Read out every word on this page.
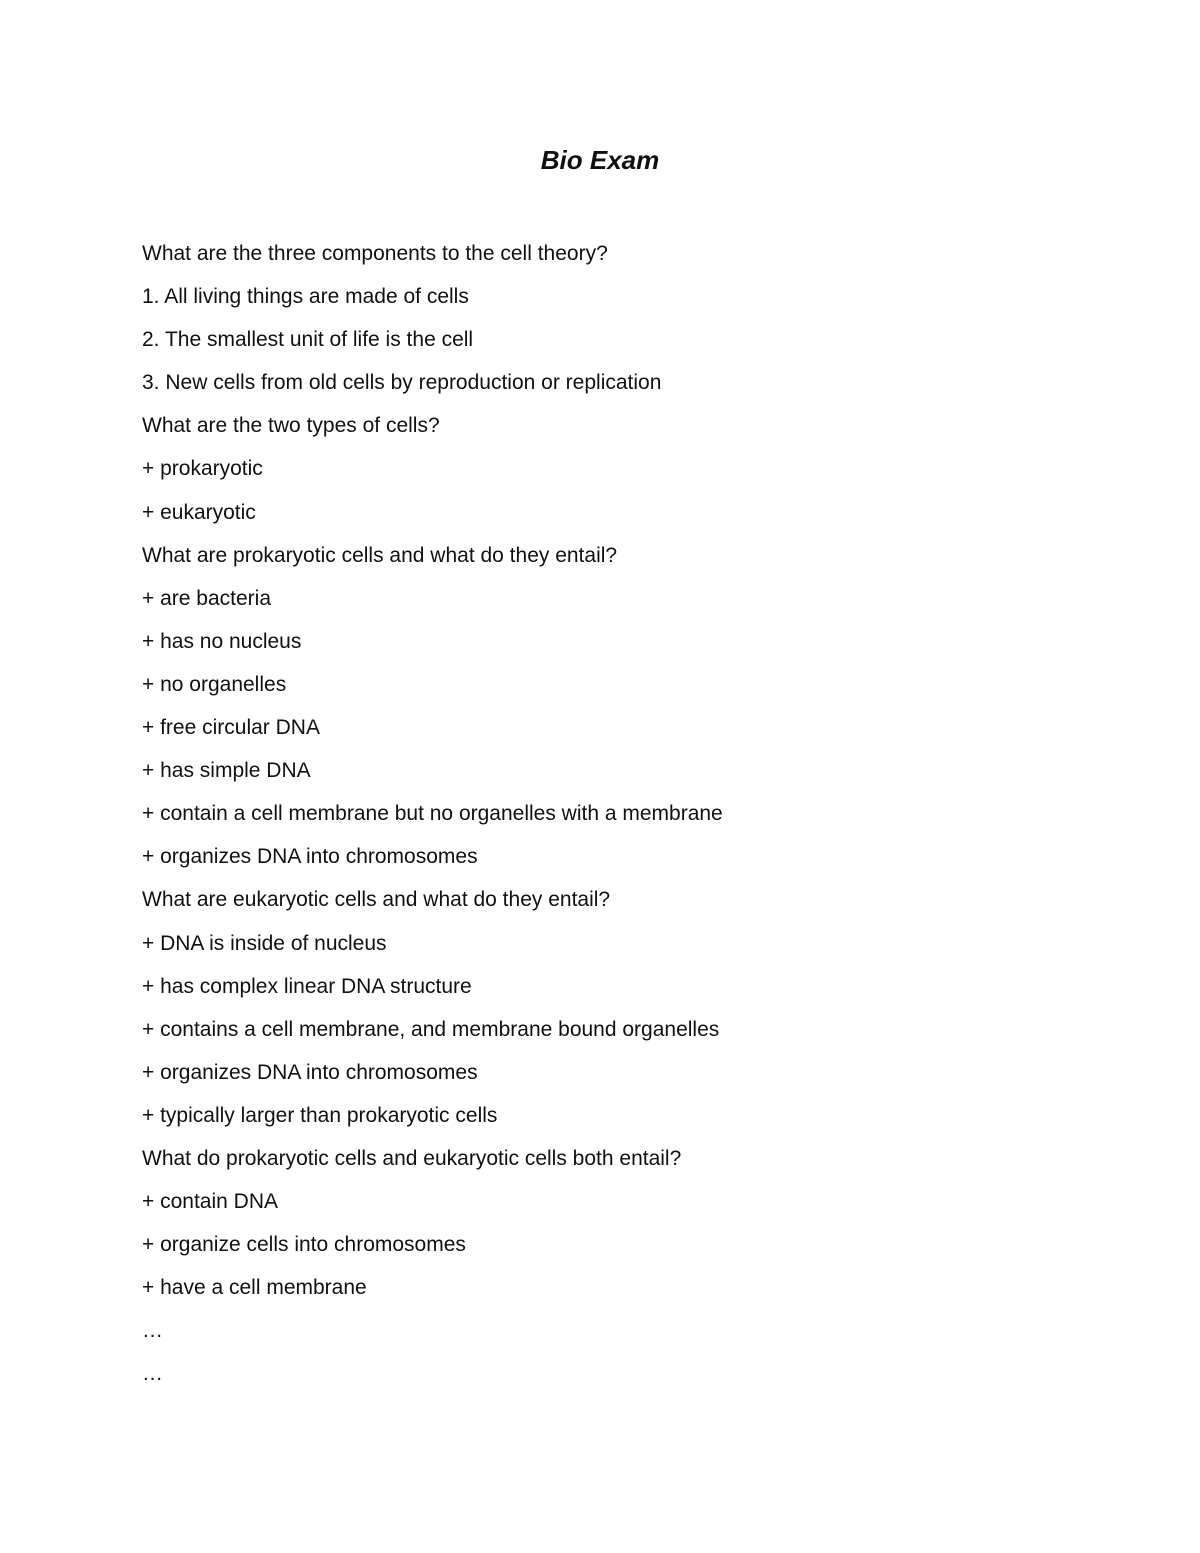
Bio Exam
What are the three components to the cell theory?
1. All living things are made of cells
2. The smallest unit of life is the cell
3. New cells from old cells by reproduction or replication
What are the two types of cells?
+ prokaryotic
+ eukaryotic
What are prokaryotic cells and what do they entail?
+ are bacteria
+ has no nucleus
+ no organelles
+ free circular DNA
+ has simple DNA
+ contain a cell membrane but no organelles with a membrane
+ organizes DNA into chromosomes
What are eukaryotic cells and what do they entail?
+ DNA is inside of nucleus
+ has complex linear DNA structure
+ contains a cell membrane, and membrane bound organelles
+ organizes DNA into chromosomes
+ typically larger than prokaryotic cells
What do prokaryotic cells and eukaryotic cells both entail?
+ contain DNA
+ organize cells into chromosomes
+ have a cell membrane
…
…
